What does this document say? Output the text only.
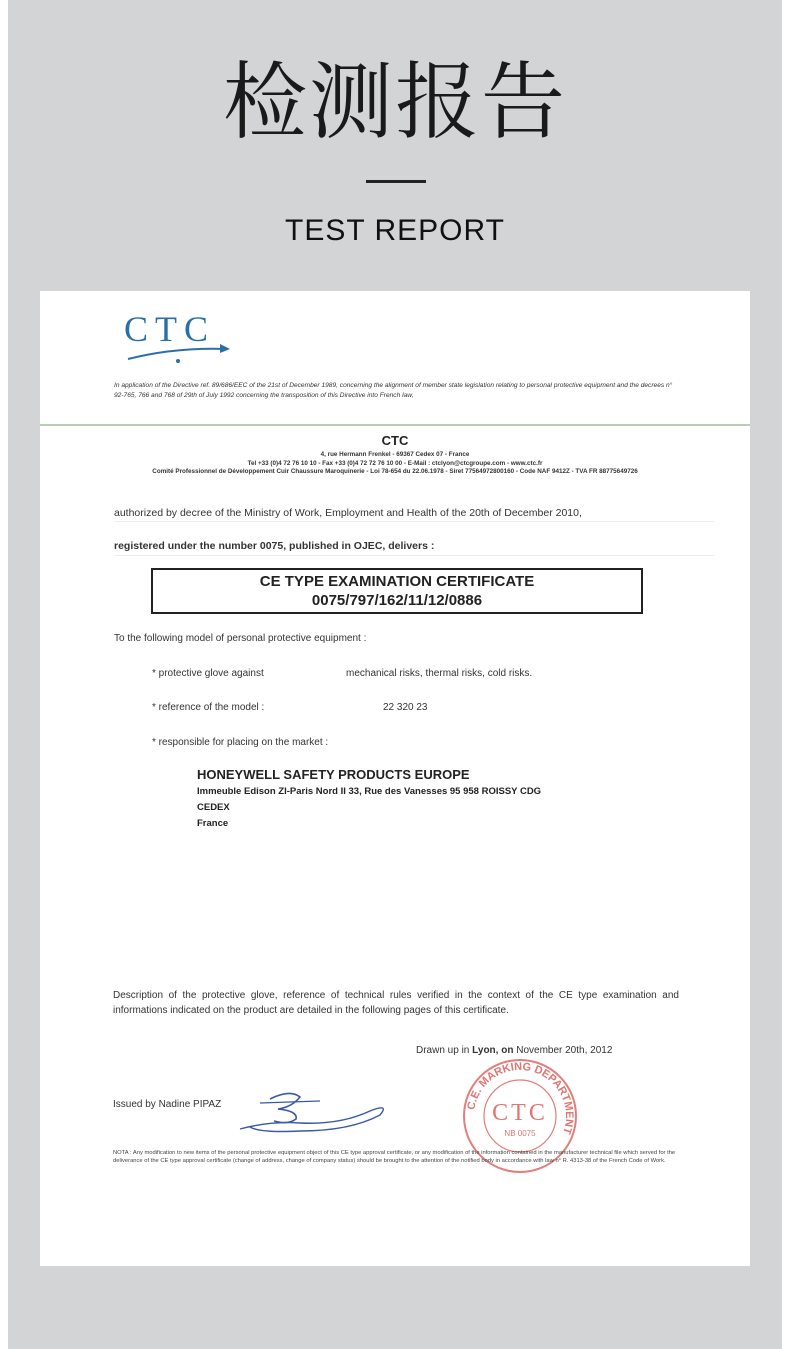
检测报告
TEST REPORT
CTC
In application of the Directive ref. 89/686/EEC of the 21st of December 1989, concerning the alignment of member state legislation relating to personal protective equipment and the decrees n° 92-765, 766 and 768 of 29th of July 1992 concerning the transposition of this Directive into French law,
CTC
4, rue Hermann Frenkel - 69367 Cedex 07 - France
Tel +33 (0)4 72 76 10 10 - Fax +33 (0)4 72 72 76 10 00 - E-Mail : ctclyon@ctcgroupe.com - www.ctc.fr
Comité Professionnel de Développement Cuir Chaussure Maroquinerie - Loi 78-654 du 22.06.1978 - Siret 77564972800160 - Code NAF 9412Z - TVA FR 88775649726
authorized by decree of the Ministry of Work, Employment and Health of the 20th of December 2010,
registered under the number 0075, published in OJEC, delivers :
CE TYPE EXAMINATION CERTIFICATE
0075/797/162/11/12/0886
To the following model of personal protective equipment :
* protective glove against	mechanical risks, thermal risks, cold risks.
* reference of the model :	22 320 23
* responsible for placing on the market :
HONEYWELL SAFETY PRODUCTS EUROPE
Immeuble Edison ZI-Paris Nord II 33, Rue des Vanesses 95 958 ROISSY CDG
CEDEX
France
Description of the protective glove, reference of technical rules verified in the context of the CE type examination and informations indicated on the product are detailed in the following pages of this certificate.
Drawn up in Lyon, on November 20th, 2012
C.E. MARKING DEPARTMENT
CTC
NB 0075
Issued by Nadine PIPAZ
NOTA : Any modification to new items of the personal protective equipment object of this CE type approval certificate, or any modification of the information contained in the manufacturer technical file which served for the deliverance of the CE type approval certificate (change of address, change of company status) should be brought to the attention of the notified body in accordance with law n° R. 4313-38 of the French Code of Work.
